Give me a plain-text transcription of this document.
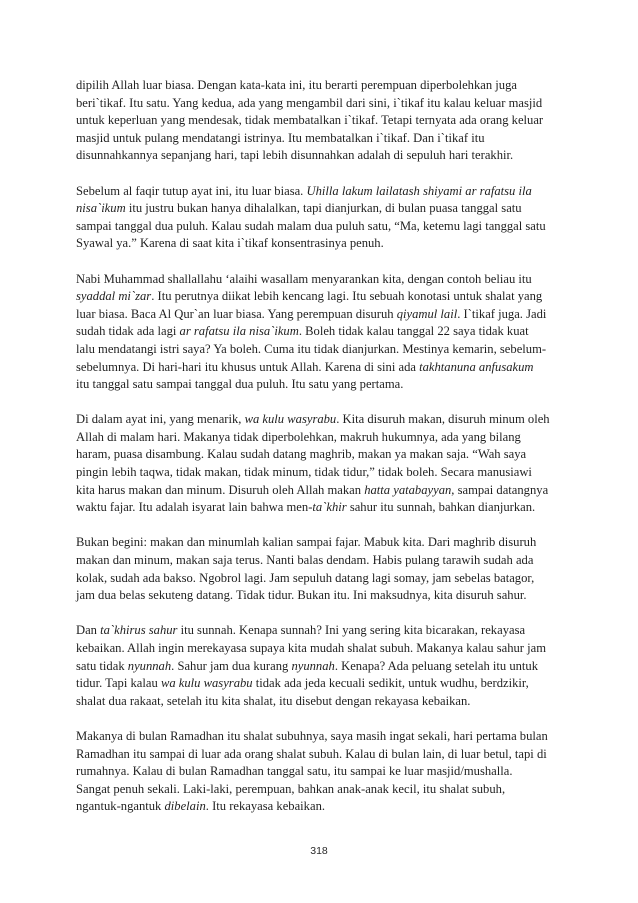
dipilih Allah luar biasa. Dengan kata-kata ini, itu berarti perempuan diperbolehkan juga
beri`tikaf. Itu satu. Yang kedua, ada yang mengambil dari sini, i`tikaf itu kalau keluar masjid
untuk keperluan yang mendesak, tidak membatalkan i`tikaf. Tetapi ternyata ada orang keluar
masjid untuk pulang mendatangi istrinya. Itu membatalkan i`tikaf. Dan i`tikaf itu
disunnahkannya sepanjang hari, tapi lebih disunnahkan adalah di sepuluh hari terakhir.

Sebelum al faqir tutup ayat ini, itu luar biasa. Uhilla lakum lailatash shiyami ar rafatsu ila
nisa`ikum itu justru bukan hanya dihalalkan, tapi dianjurkan, di bulan puasa tanggal satu
sampai tanggal dua puluh. Kalau sudah malam dua puluh satu, “Ma, ketemu lagi tanggal satu
Syawal ya.” Karena di saat kita i`tikaf konsentrasinya penuh.

Nabi Muhammad shallallahu ‘alaihi wasallam menyarankan kita, dengan contoh beliau itu
syaddal mi`zar. Itu perutnya diikat lebih kencang lagi. Itu sebuah konotasi untuk shalat yang
luar biasa. Baca Al Qur`an luar biasa. Yang perempuan disuruh qiyamul lail. I`tikaf juga. Jadi
sudah tidak ada lagi ar rafatsu ila nisa`ikum. Boleh tidak kalau tanggal 22 saya tidak kuat
lalu mendatangi istri saya? Ya boleh. Cuma itu tidak dianjurkan. Mestinya kemarin, sebelum-
sebelumnya. Di hari-hari itu khusus untuk Allah. Karena di sini ada takhtanuna anfusakum
itu tanggal satu sampai tanggal dua puluh. Itu satu yang pertama.

Di dalam ayat ini, yang menarik, wa kulu wasyrabu. Kita disuruh makan, disuruh minum oleh
Allah di malam hari. Makanya tidak diperbolehkan, makruh hukumnya, ada yang bilang
haram, puasa disambung. Kalau sudah datang maghrib, makan ya makan saja. “Wah saya
pingin lebih taqwa, tidak makan, tidak minum, tidak tidur,” tidak boleh. Secara manusiawi
kita harus makan dan minum. Disuruh oleh Allah makan hatta yatabayyan, sampai datangnya
waktu fajar. Itu adalah isyarat lain bahwa men-ta`khir sahur itu sunnah, bahkan dianjurkan.

Bukan begini: makan dan minumlah kalian sampai fajar. Mabuk kita. Dari maghrib disuruh
makan dan minum, makan saja terus. Nanti balas dendam. Habis pulang tarawih sudah ada
kolak, sudah ada bakso. Ngobrol lagi. Jam sepuluh datang lagi somay, jam sebelas batagor,
jam dua belas sekuteng datang. Tidak tidur. Bukan itu. Ini maksudnya, kita disuruh sahur.

Dan ta`khirus sahur itu sunnah. Kenapa sunnah? Ini yang sering kita bicarakan, rekayasa
kebaikan. Allah ingin merekayasa supaya kita mudah shalat subuh. Makanya kalau sahur jam
satu tidak nyunnah. Sahur jam dua kurang nyunnah. Kenapa? Ada peluang setelah itu untuk
tidur. Tapi kalau wa kulu wasyrabu tidak ada jeda kecuali sedikit, untuk wudhu, berdzikir,
shalat dua rakaat, setelah itu kita shalat, itu disebut dengan rekayasa kebaikan.

Makanya di bulan Ramadhan itu shalat subuhnya, saya masih ingat sekali, hari pertama bulan
Ramadhan itu sampai di luar ada orang shalat subuh. Kalau di bulan lain, di luar betul, tapi di
rumahnya. Kalau di bulan Ramadhan tanggal satu, itu sampai ke luar masjid/mushalla.
Sangat penuh sekali. Laki-laki, perempuan, bahkan anak-anak kecil, itu shalat subuh,
ngantuk-ngantuk dibelain. Itu rekayasa kebaikan.

318
